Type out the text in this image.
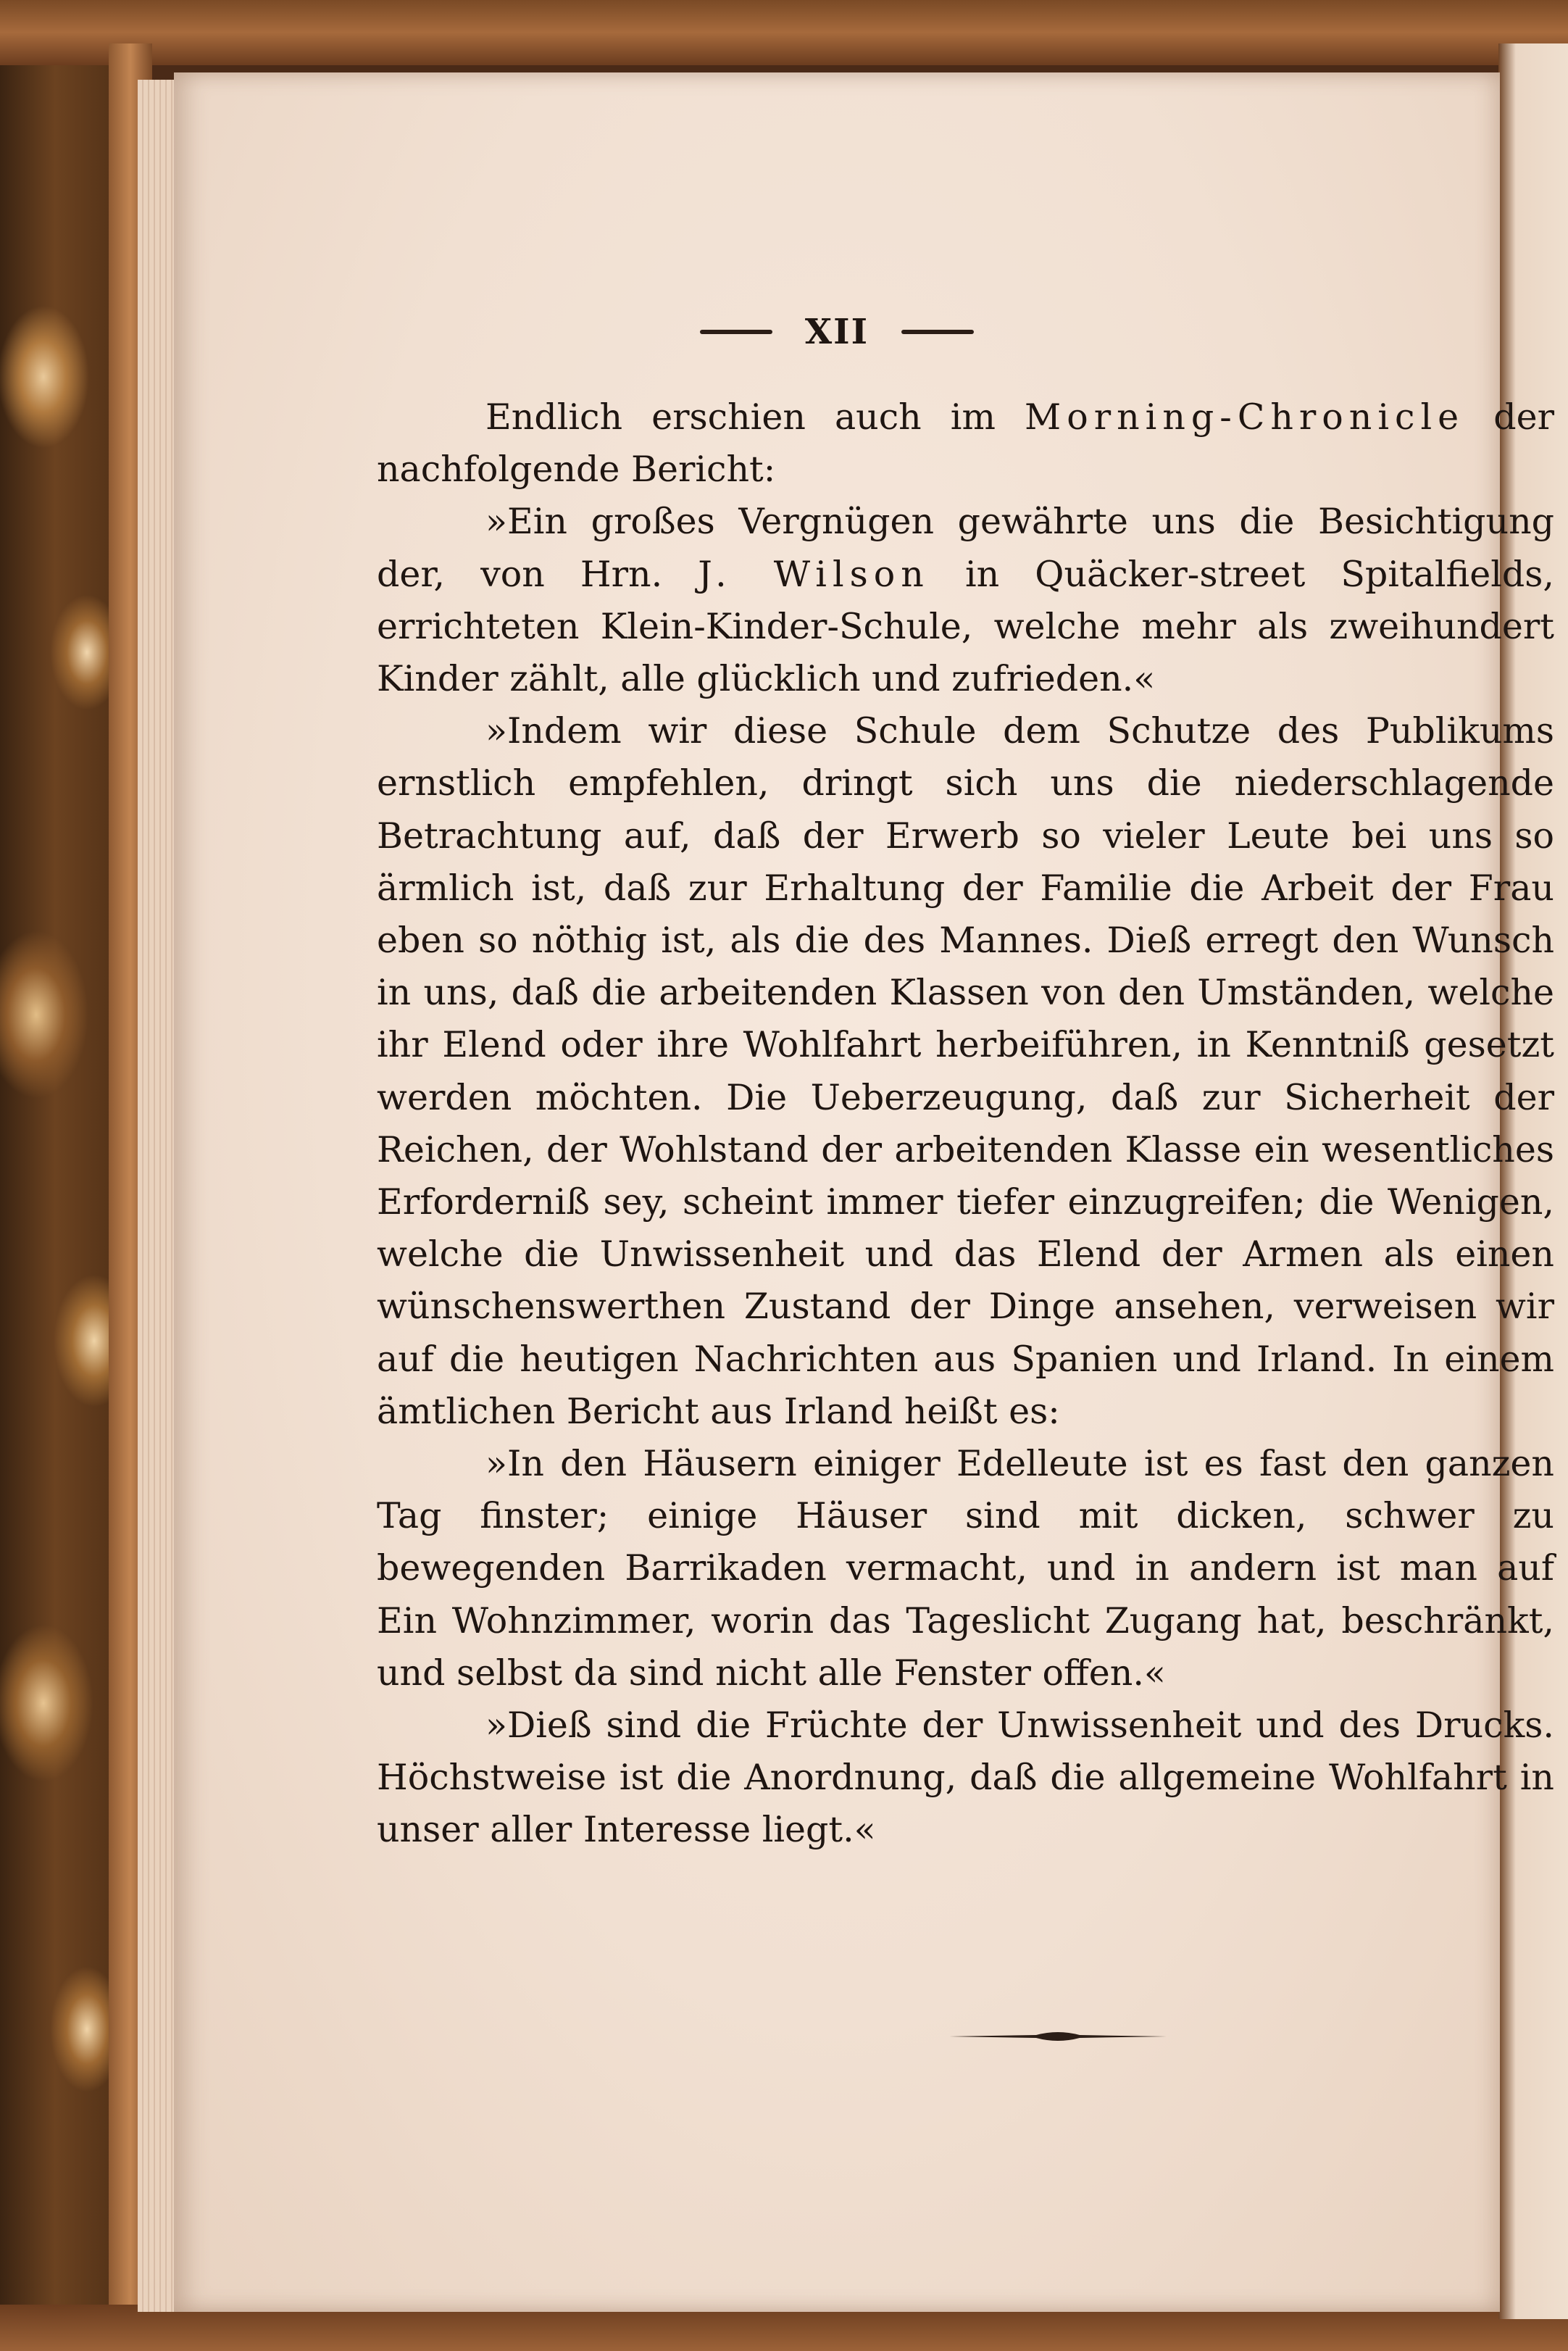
XII

Endlich erschien auch im Morning-Chronicle der nachfolgende Bericht:

»Ein großes Vergnügen gewährte uns die Besichtigung der, von Hrn. J. Wilson in Quäcker-street Spitalfields, errichteten Klein-Kinder-Schule, welche mehr als zweihundert Kinder zählt, alle glücklich und zufrieden.«

»Indem wir diese Schule dem Schutze des Publikums ernstlich empfehlen, dringt sich uns die niederschlagende Betrachtung auf, daß der Erwerb so vieler Leute bei uns so ärmlich ist, daß zur Erhaltung der Familie die Arbeit der Frau eben so nöthig ist, als die des Mannes. Dieß erregt den Wunsch in uns, daß die arbeitenden Klassen von den Umständen, welche ihr Elend oder ihre Wohlfahrt herbeiführen, in Kenntniß gesetzt werden möchten. Die Ueberzeugung, daß zur Sicherheit der Reichen, der Wohlstand der arbeitenden Klasse ein wesentliches Erforderniß sey, scheint immer tiefer einzugreifen; die Wenigen, welche die Unwissenheit und das Elend der Armen als einen wünschenswerthen Zustand der Dinge ansehen, verweisen wir auf die heutigen Nachrichten aus Spanien und Irland. In einem ämtlichen Bericht aus Irland heißt es:

»In den Häusern einiger Edelleute ist es fast den ganzen Tag finster; einige Häuser sind mit dicken, schwer zu bewegenden Barrikaden vermacht, und in andern ist man auf Ein Wohnzimmer, worin das Tageslicht Zugang hat, beschränkt, und selbst da sind nicht alle Fenster offen.«

»Dieß sind die Früchte der Unwissenheit und des Drucks. Höchstweise ist die Anordnung, daß die allgemeine Wohlfahrt in unser aller Interesse liegt.«
